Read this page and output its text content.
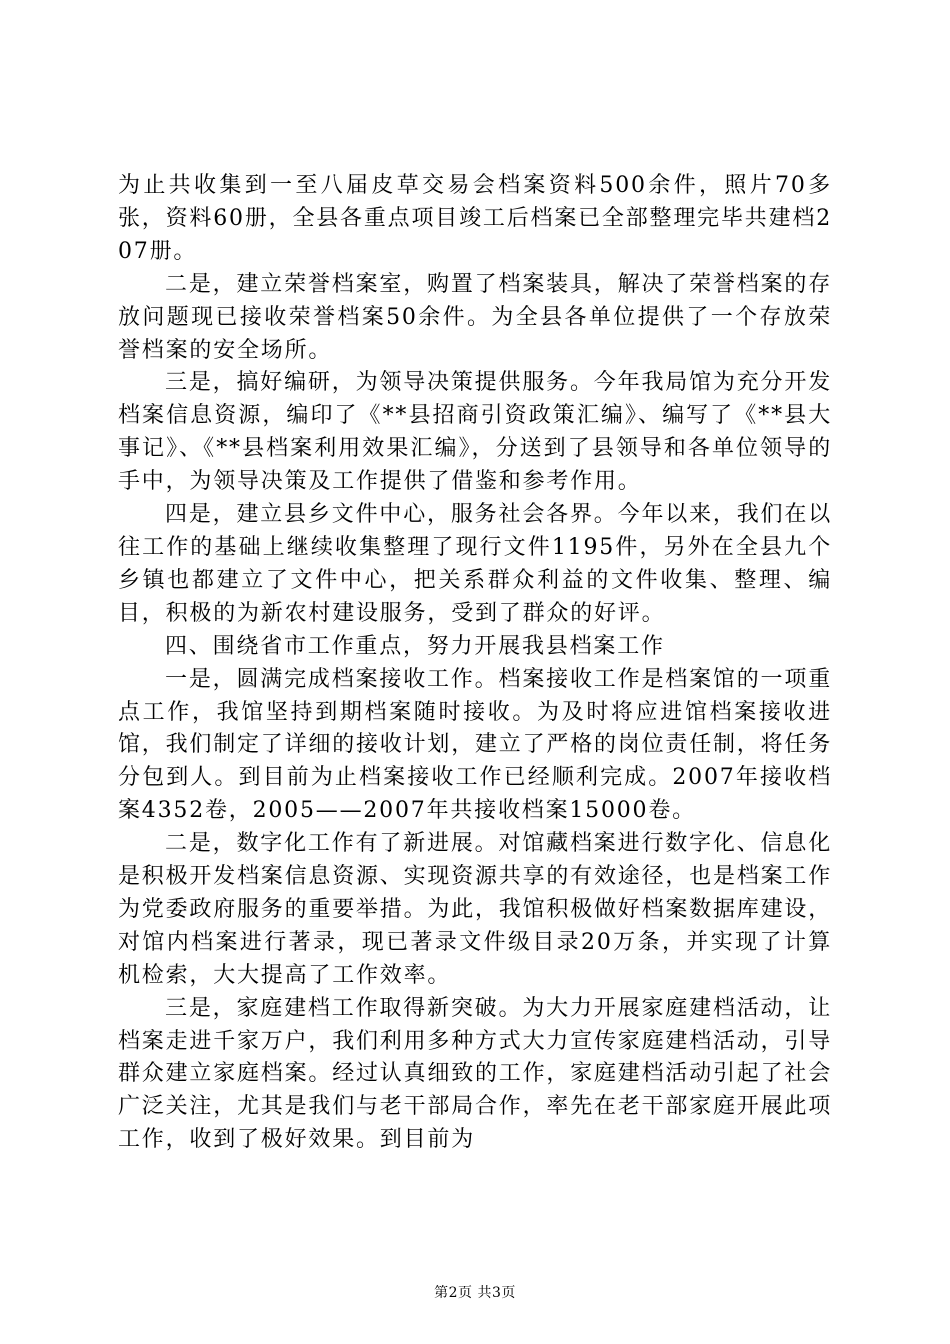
为止共收集到一至八届皮草交易会档案资料500余件，照片70多张，资料60册，全县各重点项目竣工后档案已全部整理完毕共建档207册。

二是，建立荣誉档案室，购置了档案装具，解决了荣誉档案的存放问题现已接收荣誉档案50余件。为全县各单位提供了一个存放荣誉档案的安全场所。

三是，搞好编研，为领导决策提供服务。今年我局馆为充分开发档案信息资源，编印了《**县招商引资政策汇编》、编写了《**县大事记》、《**县档案利用效果汇编》，分送到了县领导和各单位领导的手中，为领导决策及工作提供了借鉴和参考作用。

四是，建立县乡文件中心，服务社会各界。今年以来，我们在以往工作的基础上继续收集整理了现行文件1195件，另外在全县九个乡镇也都建立了文件中心，把关系群众利益的文件收集、整理、编目，积极的为新农村建设服务，受到了群众的好评。

四、围绕省市工作重点，努力开展我县档案工作

一是，圆满完成档案接收工作。档案接收工作是档案馆的一项重点工作，我馆坚持到期档案随时接收。为及时将应进馆档案接收进馆，我们制定了详细的接收计划，建立了严格的岗位责任制，将任务分包到人。到目前为止档案接收工作已经顺利完成。2007年接收档案4352卷，2005——2007年共接收档案15000卷。

二是，数字化工作有了新进展。对馆藏档案进行数字化、信息化是积极开发档案信息资源、实现资源共享的有效途径，也是档案工作为党委政府服务的重要举措。为此，我馆积极做好档案数据库建设，对馆内档案进行著录，现已著录文件级目录20万条，并实现了计算机检索，大大提高了工作效率。

三是，家庭建档工作取得新突破。为大力开展家庭建档活动，让档案走进千家万户，我们利用多种方式大力宣传家庭建档活动，引导群众建立家庭档案。经过认真细致的工作，家庭建档活动引起了社会广泛关注，尤其是我们与老干部局合作，率先在老干部家庭开展此项工作，收到了极好效果。到目前为

第2页 共3页
